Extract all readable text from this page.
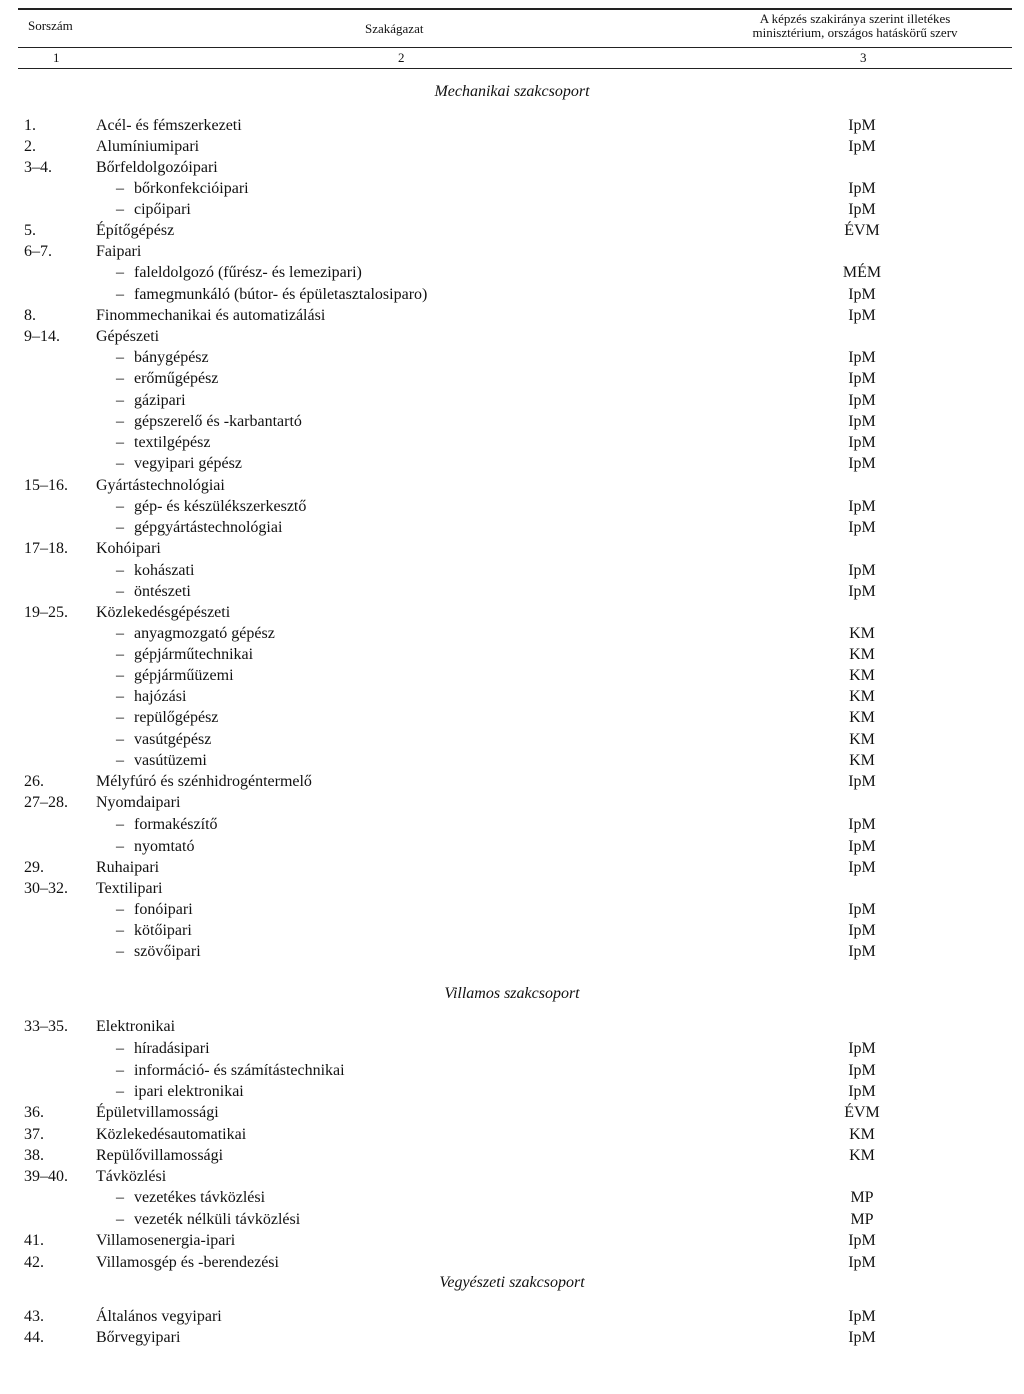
Sorszám	Szakágazat
A képzés szakiránya szerint illetékes
minisztérium, országos hatáskörű szerv
1	2	3
Mechanikai szakcsoport
1.	Acél- és fémszerkezeti	IpM
2.	Alumíniumipari	IpM
3–4.	Bőrfeldolgozóipari
– bőrkonfekcióipari	IpM
– cipőipari	IpM
5.	Építőgépész	ÉVM
6–7.	Faipari
– faleldolgozó (fűrész- és lemezipari)	MÉM
– famegmunkáló (bútor- és épületasztalosiparo)	IpM
8.	Finommechanikai és automatizálási	IpM
9–14. Gépészeti
– bánygépész	IpM
– erőműgépész	IpM
– gázipari	IpM
– gépszerelő és -karbantartó	IpM
– textilgépész	IpM
– vegyipari gépész	IpM
15–16. Gyártástechnológiai
– gép- és készülékszerkesztő	IpM
– gépgyártástechnológiai	IpM
17–18. Kohóipari
– kohászati	IpM
– öntészeti	IpM
19–25. Közlekedésgépészeti
– anyagmozgató gépész	KM
– gépjárműtechnikai	KM
– gépjárműüzemi	KM
– hajózási	KM
– repülőgépész	KM
– vasútgépész	KM
– vasútüzemi	KM
26.	Mélyfúró és szénhidrogéntermelő	IpM
27–28. Nyomdaipari
– formakészítő	IpM
– nyomtató	IpM
29.	Ruhaipari	IpM
30–32. Textilipari
– fonóipari	IpM
– kötőipari	IpM
– szövőipari	IpM
Villamos szakcsoport
33–35. Elektronikai
– híradásipari	IpM
– információ- és számítástechnikai	IpM
– ipari elektronikai	IpM
36.	Épületvillamossági	ÉVM
37.	Közlekedésautomatikai	KM
38.	Repülővillamossági	KM
39–40. Távközlési
– vezetékes távközlési	MP
– vezeték nélküli távközlési	MP
41.	Villamosenergia-ipari	IpM
42.	Villamosgép és -berendezési	IpM
Vegyészeti szakcsoport
43.	Általános vegyipari	IpM
44.	Bőrvegyipari	IpM
